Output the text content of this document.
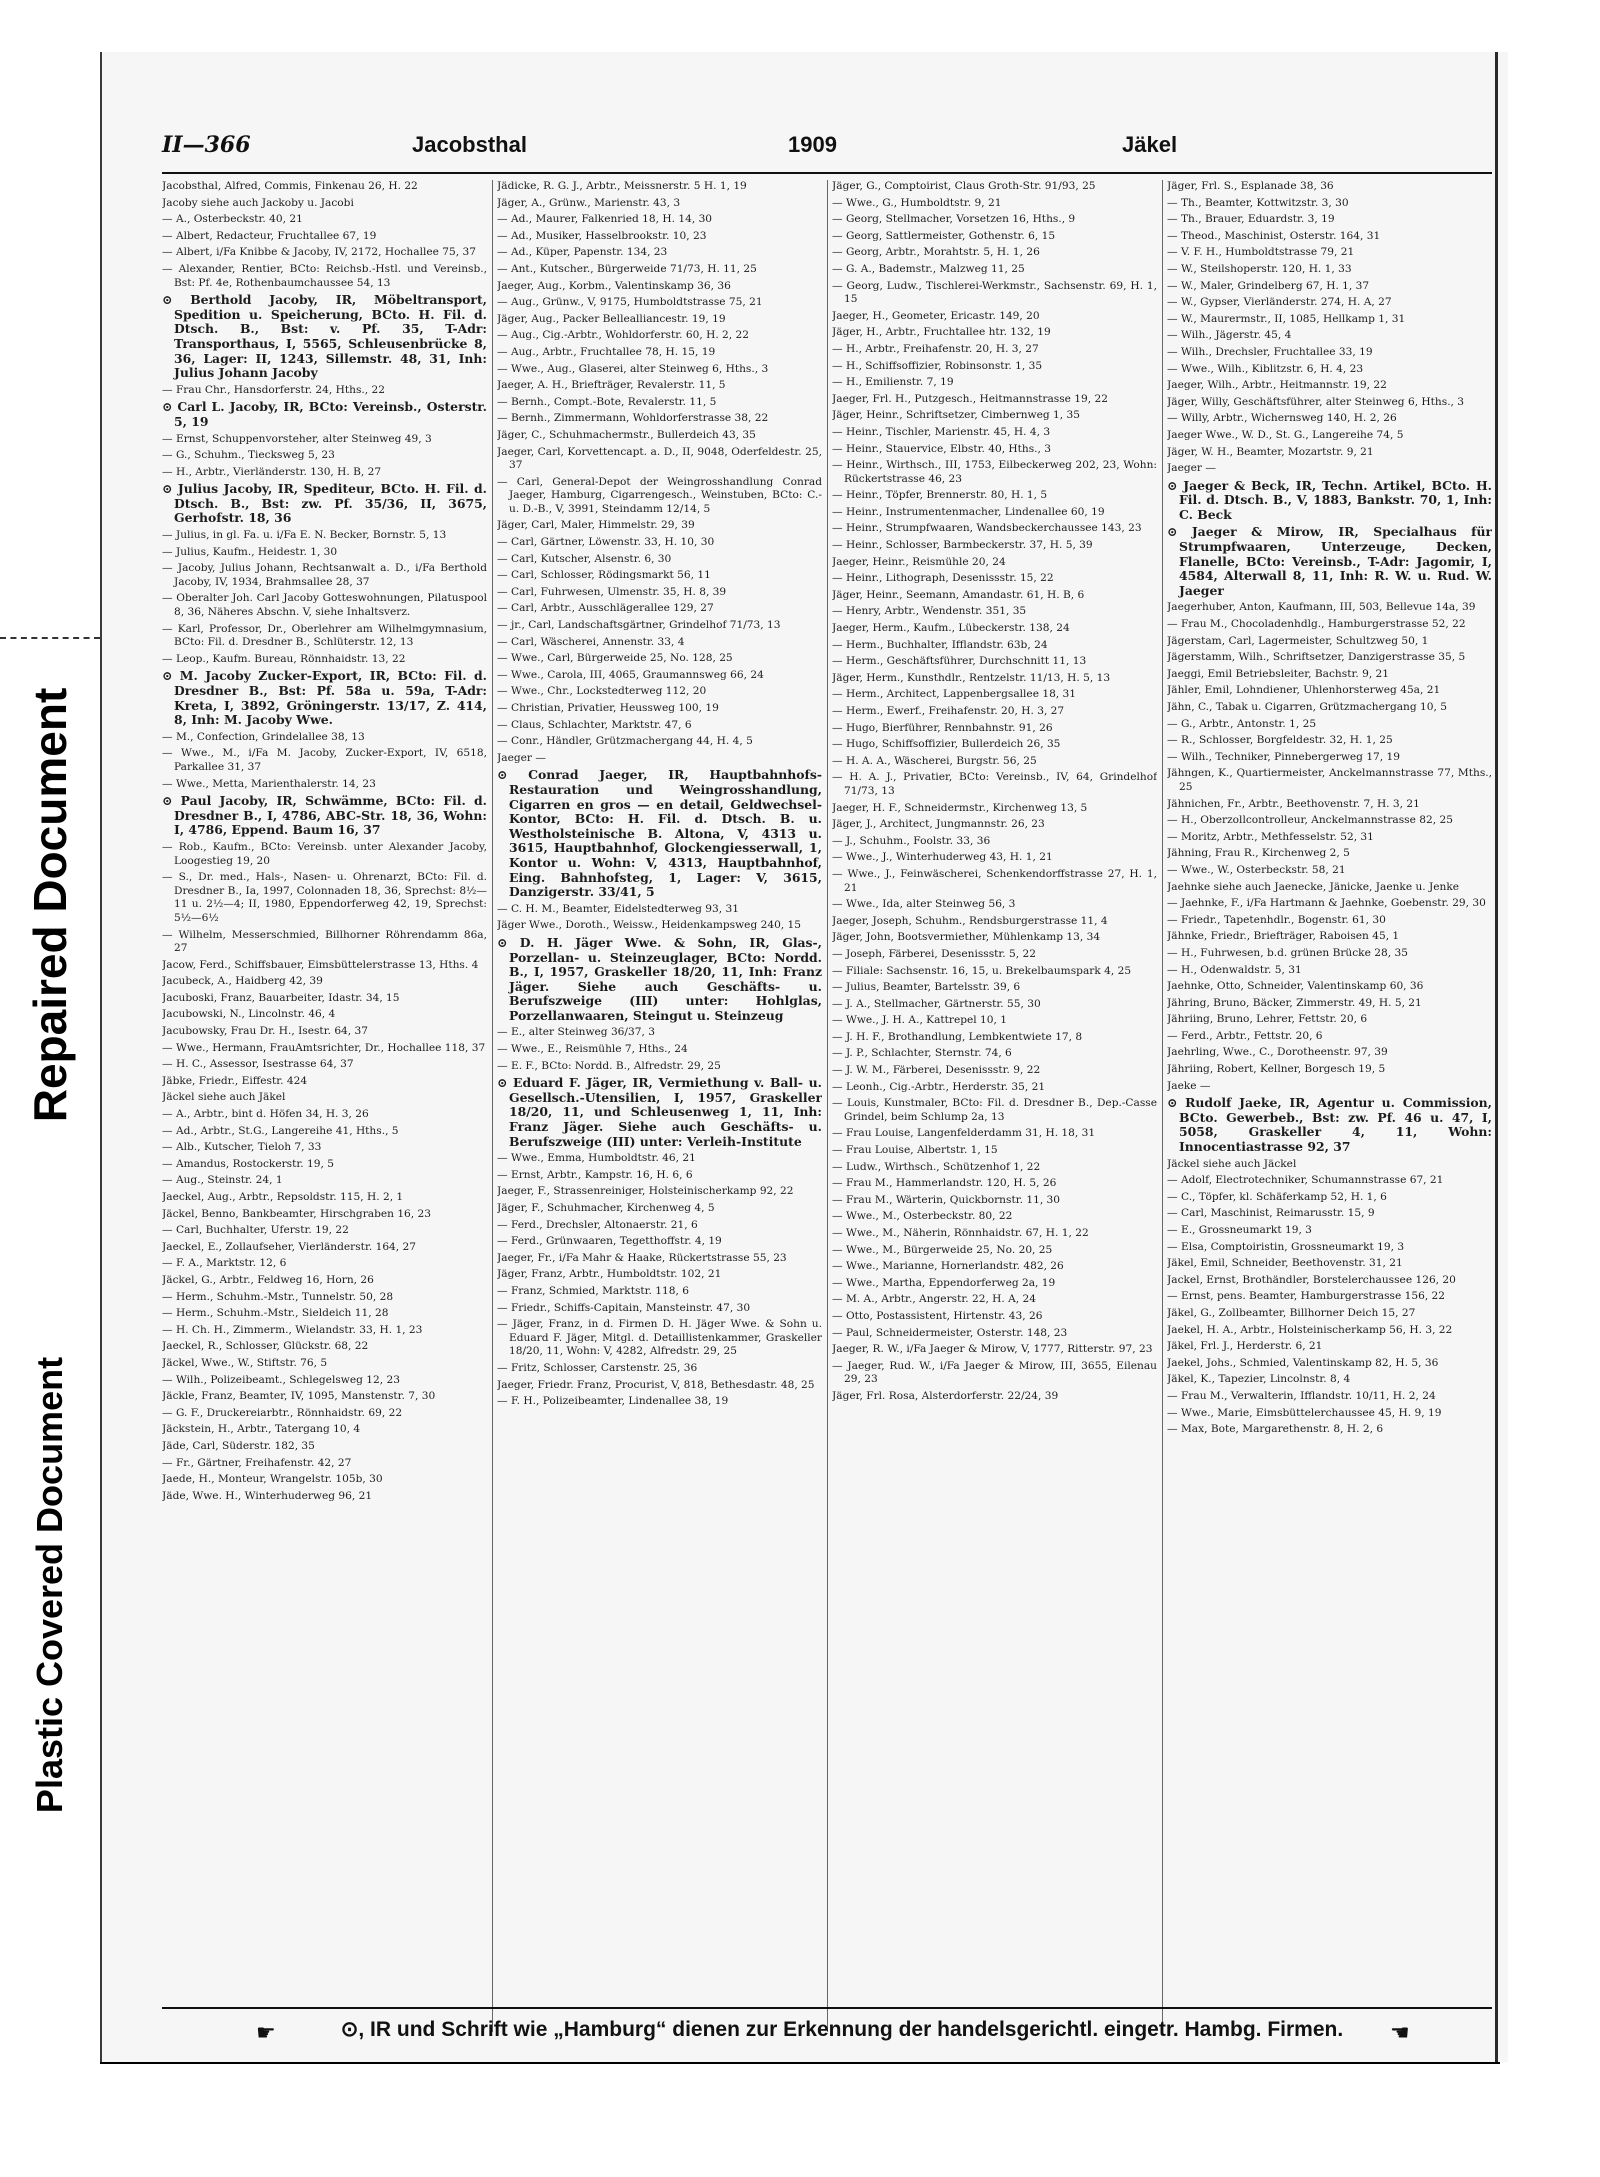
Repaired Document
Plastic Covered Document
II—366	Jacobsthal	1909	Jäkel
Jacobsthal, Alfred, Commis, Finkenau 26, H. 22
Jacoby siehe auch Jackoby u. Jacobi
— A., Osterbeckstr. 40, 21
— Albert, Redacteur, Fruchtallee 67, 19
— Albert, i/Fa Knibbe & Jacoby, IV, 2172, Hochallee 75, 37
— Alexander, Rentier, BCto: Reichsb.-Hstl. und Vereinsb., Bst: Pf. 4e, Rothenbaumchaussee 54, 13
⊙ Berthold Jacoby, IR, Möbeltransport, Spedition u. Speicherung, BCto. H. Fil. d. Dtsch. B., Bst: v. Pf. 35, T-Adr: Transporthaus, I, 5565, Schleusenbrücke 8, 36, Lager: II, 1243, Sillemstr. 48, 31, Inh: Julius Johann Jacoby
— Frau Chr., Hansdorferstr. 24, Hths., 22
⊙ Carl L. Jacoby, IR, BCto: Vereinsb., Osterstr. 5, 19
— Ernst, Schuppenvorsteher, alter Steinweg 49, 3
— G., Schuhm., Tiecksweg 5, 23
— H., Arbtr., Vierländerstr. 130, H. B, 27
⊙ Julius Jacoby, IR, Spediteur, BCto. H. Fil. d. Dtsch. B., Bst: zw. Pf. 35/36, II, 3675, Gerhofstr. 18, 36
— Julius, in gl. Fa. u. i/Fa E. N. Becker, Bornstr. 5, 13
— Julius, Kaufm., Heidestr. 1, 30
— Jacoby, Julius Johann, Rechtsanwalt a. D., i/Fa Berthold Jacoby, IV, 1934, Brahmsallee 28, 37
— Oberalter Joh. Carl Jacoby Gotteswohnungen, Pilatuspool 8, 36, Näheres Abschn. V, siehe Inhaltsverz.
— Karl, Professor, Dr., Oberlehrer am Wilhelmgymnasium, BCto: Fil. d. Dresdner B., Schlüterstr. 12, 13
— Leop., Kaufm. Bureau, Rönnhaidstr. 13, 22
⊙ M. Jacoby Zucker-Export, IR, BCto: Fil. d. Dresdner B., Bst: Pf. 58a u. 59a, T-Adr: Kreta, I, 3892, Gröningerstr. 13/17, Z. 414, 8, Inh: M. Jacoby Wwe.
— M., Confection, Grindelallee 38, 13
— Wwe., M., i/Fa M. Jacoby, Zucker-Export, IV, 6518, Parkallee 31, 37
— Wwe., Metta, Marienthalerstr. 14, 23
⊙ Paul Jacoby, IR, Schwämme, BCto: Fil. d. Dresdner B., I, 4786, ABC-Str. 18, 36, Wohn: I, 4786, Eppend. Baum 16, 37
— Rob., Kaufm., BCto: Vereinsb. unter Alexander Jacoby, Loogestieg 19, 20
— S., Dr. med., Hals-, Nasen- u. Ohrenarzt, BCto: Fil. d. Dresdner B., Ia, 1997, Colonnaden 18, 36, Sprechst: 8½—11 u. 2½—4; II, 1980, Eppendorferweg 42, 19, Sprechst: 5½—6½
— Wilhelm, Messerschmied, Billhorner Röhrendamm 86a, 27
Jacow, Ferd., Schiffsbauer, Eimsbüttelerstrasse 13, Hths. 4
Jacubeck, A., Haidberg 42, 39
Jacuboski, Franz, Bauarbeiter, Idastr. 34, 15
Jacubowski, N., Lincolnstr. 46, 4
Jacubowsky, Frau Dr. H., Isestr. 64, 37
— Wwe., Hermann, FrauAmtsrichter, Dr., Hochallee 118, 37
— H. C., Assessor, Isestrasse 64, 37
Jäbke, Friedr., Eiffestr. 424
Jäckel siehe auch Jäkel
— A., Arbtr., bint d. Höfen 34, H. 3, 26
— Ad., Arbtr., St.G., Langereihe 41, Hths., 5
— Alb., Kutscher, Tieloh 7, 33
— Amandus, Rostockerstr. 19, 5
— Aug., Steinstr. 24, 1
Jaeckel, Aug., Arbtr., Repsoldstr. 115, H. 2, 1
Jäckel, Benno, Bankbeamter, Hirschgraben 16, 23
— Carl, Buchhalter, Uferstr. 19, 22
Jaeckel, E., Zollaufseher, Vierländerstr. 164, 27
— F. A., Marktstr. 12, 6
Jäckel, G., Arbtr., Feldweg 16, Horn, 26
— Herm., Schuhm.-Mstr., Tunnelstr. 50, 28
— Herm., Schuhm.-Mstr., Sieldeich 11, 28
— H. Ch. H., Zimmerm., Wielandstr. 33, H. 1, 23
Jaeckel, R., Schlosser, Glückstr. 68, 22
Jäckel, Wwe., W., Stiftstr. 76, 5
— Wilh., Polizeibeamt., Schlegelsweg 12, 23
Jäckle, Franz, Beamter, IV, 1095, Manstenstr. 7, 30
— G. F., Druckereiarbtr., Rönnhaidstr. 69, 22
Jäckstein, H., Arbtr., Tatergang 10, 4
Jäde, Carl, Süderstr. 182, 35
— Fr., Gärtner, Freihafenstr. 42, 27
Jaede, H., Monteur, Wrangelstr. 105b, 30
Jäde, Wwe. H., Winterhuderweg 96, 21
Jädicke, R. G. J., Arbtr., Meissnerstr. 5 H. 1, 19
Jäger, A., Grünw., Marienstr. 43, 3
— Ad., Maurer, Falkenried 18, H. 14, 30
— Ad., Musiker, Hasselbrookstr. 10, 23
— Ad., Küper, Papenstr. 134, 23
— Ant., Kutscher., Bürgerweide 71/73, H. 11, 25
Jaeger, Aug., Korbm., Valentinskamp 36, 36
— Aug., Grünw., V, 9175, Humboldtstrasse 75, 21
Jäger, Aug., Packer Bellealliancestr. 19, 19
— Aug., Cig.-Arbtr., Wohldorferstr. 60, H. 2, 22
— Aug., Arbtr., Fruchtallee 78, H. 15, 19
— Wwe., Aug., Glaserei, alter Steinweg 6, Hths., 3
Jaeger, A. H., Briefträger, Revalerstr. 11, 5
— Bernh., Compt.-Bote, Revalerstr. 11, 5
— Bernh., Zimmermann, Wohldorferstrasse 38, 22
Jäger, C., Schuhmachermstr., Bullerdeich 43, 35
Jaeger, Carl, Korvettencapt. a. D., II, 9048, Oderfeldestr. 25, 37
— Carl, General-Depot der Weingrosshandlung Conrad Jaeger, Hamburg, Cigarrengesch., Weinstuben, BCto: C.- u. D.-B., V, 3991, Steindamm 12/14, 5
Jäger, Carl, Maler, Himmelstr. 29, 39
— Carl, Gärtner, Löwenstr. 33, H. 10, 30
— Carl, Kutscher, Alsenstr. 6, 30
— Carl, Schlosser, Rödingsmarkt 56, 11
— Carl, Fuhrwesen, Ulmenstr. 35, H. 8, 39
— Carl, Arbtr., Ausschlägerallee 129, 27
— jr., Carl, Landschaftsgärtner, Grindelhof 71/73, 13
— Carl, Wäscherei, Annenstr. 33, 4
— Wwe., Carl, Bürgerweide 25, No. 128, 25
— Wwe., Carola, III, 4065, Graumannsweg 66, 24
— Wwe., Chr., Lockstedterweg 112, 20
— Christian, Privatier, Heussweg 100, 19
— Claus, Schlachter, Marktstr. 47, 6
— Conr., Händler, Grützmachergang 44, H. 4, 5
Jaeger —
⊙ Conrad Jaeger, IR, Hauptbahnhofs-Restauration und Weingrosshandlung, Cigarren en gros — en detail, Geldwechsel-Kontor, BCto: H. Fil. d. Dtsch. B. u. Westholsteinische B. Altona, V, 4313 u. 3615, Hauptbahnhof, Glockengiesserwall, 1, Kontor u. Wohn: V, 4313, Hauptbahnhof, Eing. Bahnhofsteg, 1, Lager: V, 3615, Danzigerstr. 33/41, 5
— C. H. M., Beamter, Eidelstedterweg 93, 31
Jäger Wwe., Doroth., Weissw., Heidenkampsweg 240, 15
⊙ D. H. Jäger Wwe. & Sohn, IR, Glas-, Porzellan- u. Steinzeuglager, BCto: Nordd. B., I, 1957, Graskeller 18/20, 11, Inh: Franz Jäger. Siehe auch Geschäfts- u. Berufszweige (III) unter: Hohlglas, Porzellanwaaren, Steingut u. Steinzeug
— E., alter Steinweg 36/37, 3
— Wwe., E., Reismühle 7, Hths., 24
— E. F., BCto: Nordd. B., Alfredstr. 29, 25
⊙ Eduard F. Jäger, IR, Vermiethung v. Ball- u. Gesellsch.-Utensilien, I, 1957, Graskeller 18/20, 11, und Schleusenweg 1, 11, Inh: Franz Jäger. Siehe auch Geschäfts- u. Berufszweige (III) unter: Verleih-Institute
— Wwe., Emma, Humboldtstr. 46, 21
— Ernst, Arbtr., Kampstr. 16, H. 6, 6
Jaeger, F., Strassenreiniger, Holsteinischerkamp 92, 22
Jäger, F., Schuhmacher, Kirchenweg 4, 5
— Ferd., Drechsler, Altonaerstr. 21, 6
— Ferd., Grünwaaren, Tegetthoffstr. 4, 19
Jaeger, Fr., i/Fa Mahr & Haake, Rückertstrasse 55, 23
Jäger, Franz, Arbtr., Humboldtstr. 102, 21
— Franz, Schmied, Marktstr. 118, 6
— Friedr., Schiffs-Capitain, Mansteinstr. 47, 30
— Jäger, Franz, in d. Firmen D. H. Jäger Wwe. & Sohn u. Eduard F. Jäger, Mitgl. d. Detaillistenkammer, Graskeller 18/20, 11, Wohn: V, 4282, Alfredstr. 29, 25
— Fritz, Schlosser, Carstenstr. 25, 36
Jaeger, Friedr. Franz, Procurist, V, 818, Bethesdastr. 48, 25
— F. H., Polizeibeamter, Lindenallee 38, 19
Jäger, G., Comptoirist, Claus Groth-Str. 91/93, 25
— Wwe., G., Humboldtstr. 9, 21
— Georg, Stellmacher, Vorsetzen 16, Hths., 9
— Georg, Sattlermeister, Gothenstr. 6, 15
— Georg, Arbtr., Morahtstr. 5, H. 1, 26
— G. A., Bademstr., Malzweg 11, 25
— Georg, Ludw., Tischlerei-Werkmstr., Sachsenstr. 69, H. 1, 15
Jaeger, H., Geometer, Ericastr. 149, 20
Jäger, H., Arbtr., Fruchtallee htr. 132, 19
— H., Arbtr., Freihafenstr. 20, H. 3, 27
— H., Schiffsoffizier, Robinsonstr. 1, 35
— H., Emilienstr. 7, 19
Jaeger, Frl. H., Putzgesch., Heitmannstrasse 19, 22
Jäger, Heinr., Schriftsetzer, Cimbernweg 1, 35
— Heinr., Tischler, Marienstr. 45, H. 4, 3
— Heinr., Stauervice, Elbstr. 40, Hths., 3
— Heinr., Wirthsch., III, 1753, Eilbeckerweg 202, 23, Wohn: Rückertstrasse 46, 23
— Heinr., Töpfer, Brennerstr. 80, H. 1, 5
— Heinr., Instrumentenmacher, Lindenallee 60, 19
— Heinr., Strumpfwaaren, Wandsbeckerchaussee 143, 23
— Heinr., Schlosser, Barmbeckerstr. 37, H. 5, 39
Jaeger, Heinr., Reismühle 20, 24
— Heinr., Lithograph, Desenissstr. 15, 22
Jäger, Heinr., Seemann, Amandastr. 61, H. B, 6
— Henry, Arbtr., Wendenstr. 351, 35
Jaeger, Herm., Kaufm., Lübeckerstr. 138, 24
— Herm., Buchhalter, Ifflandstr. 63b, 24
— Herm., Geschäftsführer, Durchschnitt 11, 13
Jäger, Herm., Kunsthdlr., Rentzelstr. 11/13, H. 5, 13
— Herm., Architect, Lappenbergsallee 18, 31
— Herm., Ewerf., Freihafenstr. 20, H. 3, 27
— Hugo, Bierführer, Rennbahnstr. 91, 26
— Hugo, Schiffsoffizier, Bullerdeich 26, 35
— H. A. A., Wäscherei, Burgstr. 56, 25
— H. A. J., Privatier, BCto: Vereinsb., IV, 64, Grindelhof 71/73, 13
Jaeger, H. F., Schneidermstr., Kirchenweg 13, 5
Jäger, J., Architect, Jungmannstr. 26, 23
— J., Schuhm., Foolstr. 33, 36
— Wwe., J., Winterhuderweg 43, H. 1, 21
— Wwe., J., Feinwäscherei, Schenkendorffstrasse 27, H. 1, 21
— Wwe., Ida, alter Steinweg 56, 3
Jaeger, Joseph, Schuhm., Rendsburgerstrasse 11, 4
Jäger, John, Bootsvermiether, Mühlenkamp 13, 34
— Joseph, Färberei, Desenissstr. 5, 22
— Filiale: Sachsenstr. 16, 15, u. Brekelbaumspark 4, 25
— Julius, Beamter, Bartelsstr. 39, 6
— J. A., Stellmacher, Gärtnerstr. 55, 30
— Wwe., J. H. A., Kattrepel 10, 1
— J. H. F., Brothandlung, Lembkentwiete 17, 8
— J. P., Schlachter, Sternstr. 74, 6
— J. W. M., Färberei, Desenissstr. 9, 22
— Leonh., Cig.-Arbtr., Herderstr. 35, 21
— Louis, Kunstmaler, BCto: Fil. d. Dresdner B., Dep.-Casse Grindel, beim Schlump 2a, 13
— Frau Louise, Langenfelderdamm 31, H. 18, 31
— Frau Louise, Albertstr. 1, 15
— Ludw., Wirthsch., Schützenhof 1, 22
— Frau M., Hammerlandstr. 120, H. 5, 26
— Frau M., Wärterin, Quickbornstr. 11, 30
— Wwe., M., Osterbeckstr. 80, 22
— Wwe., M., Näherin, Rönnhaidstr. 67, H. 1, 22
— Wwe., M., Bürgerweide 25, No. 20, 25
— Wwe., Marianne, Hornerlandstr. 482, 26
— Wwe., Martha, Eppendorferweg 2a, 19
— M. A., Arbtr., Angerstr. 22, H. A, 24
— Otto, Postassistent, Hirtenstr. 43, 26
— Paul, Schneidermeister, Osterstr. 148, 23
Jaeger, R. W., i/Fa Jaeger & Mirow, V, 1777, Ritterstr. 97, 23
— Jaeger, Rud. W., i/Fa Jaeger & Mirow, III, 3655, Eilenau 29, 23
Jäger, Frl. Rosa, Alsterdorferstr. 22/24, 39
Jäger, Frl. S., Esplanade 38, 36
— Th., Beamter, Kottwitzstr. 3, 30
— Th., Brauer, Eduardstr. 3, 19
— Theod., Maschinist, Osterstr. 164, 31
— V. F. H., Humboldtstrasse 79, 21
— W., Steilshoperstr. 120, H. 1, 33
— W., Maler, Grindelberg 67, H. 1, 37
— W., Gypser, Vierländerstr. 274, H. A, 27
— W., Maurermstr., II, 1085, Hellkamp 1, 31
— Wilh., Jägerstr. 45, 4
— Wilh., Drechsler, Fruchtallee 33, 19
— Wwe., Wilh., Kiblitzstr. 6, H. 4, 23
Jaeger, Wilh., Arbtr., Heitmannstr. 19, 22
Jäger, Willy, Geschäftsführer, alter Steinweg 6, Hths., 3
— Willy, Arbtr., Wichernsweg 140, H. 2, 26
Jaeger Wwe., W. D., St. G., Langereihe 74, 5
Jäger, W. H., Beamter, Mozartstr. 9, 21
Jaeger —
⊙ Jaeger & Beck, IR, Techn. Artikel, BCto. H. Fil. d. Dtsch. B., V, 1883, Bankstr. 70, 1, Inh: C. Beck
⊙ Jaeger & Mirow, IR, Specialhaus für Strumpfwaaren, Unterzeuge, Decken, Flanelle, BCto: Vereinsb., T-Adr: Jagomir, I, 4584, Alterwall 8, 11, Inh: R. W. u. Rud. W. Jaeger
Jaegerhuber, Anton, Kaufmann, III, 503, Bellevue 14a, 39
— Frau M., Chocoladenhdlg., Hamburgerstrasse 52, 22
Jägerstam, Carl, Lagermeister, Schultzweg 50, 1
Jägerstamm, Wilh., Schriftsetzer, Danzigerstrasse 35, 5
Jaeggi, Emil Betriebsleiter, Bachstr. 9, 21
Jähler, Emil, Lohndiener, Uhlenhorsterweg 45a, 21
Jähn, C., Tabak u. Cigarren, Grützmachergang 10, 5
— G., Arbtr., Antonstr. 1, 25
— R., Schlosser, Borgfeldestr. 32, H. 1, 25
— Wilh., Techniker, Pinnebergerweg 17, 19
Jähngen, K., Quartiermeister, Anckelmannstrasse 77, Mths., 25
Jähnichen, Fr., Arbtr., Beethovenstr. 7, H. 3, 21
— H., Oberzollcontrolleur, Anckelmannstrasse 82, 25
— Moritz, Arbtr., Methfesselstr. 52, 31
Jähning, Frau R., Kirchenweg 2, 5
— Wwe., W., Osterbeckstr. 58, 21
Jaehnke siehe auch Jaenecke, Jänicke, Jaenke u. Jenke
— Jaehnke, F., i/Fa Hartmann & Jaehnke, Goebenstr. 29, 30
— Friedr., Tapetenhdlr., Bogenstr. 61, 30
Jähnke, Friedr., Briefträger, Raboisen 45, 1
— H., Fuhrwesen, b.d. grünen Brücke 28, 35
— H., Odenwaldstr. 5, 31
Jaehnke, Otto, Schneider, Valentinskamp 60, 36
Jähring, Bruno, Bäcker, Zimmerstr. 49, H. 5, 21
Jähriing, Bruno, Lehrer, Fettstr. 20, 6
— Ferd., Arbtr., Fettstr. 20, 6
Jaehrling, Wwe., C., Dorotheenstr. 97, 39
Jähriing, Robert, Kellner, Borgesch 19, 5
Jaeke —
⊙ Rudolf Jaeke, IR, Agentur u. Commission, BCto. Gewerbeb., Bst: zw. Pf. 46 u. 47, I, 5058, Graskeller 4, 11, Wohn: Innocentiastrasse 92, 37
Jäckel siehe auch Jäckel
— Adolf, Electrotechniker, Schumannstrasse 67, 21
— C., Töpfer, kl. Schäferkamp 52, H. 1, 6
— Carl, Maschinist, Reimarusstr. 15, 9
— E., Grossneumarkt 19, 3
— Elsa, Comptoiristin, Grossneumarkt 19, 3
Jäkel, Emil, Schneider, Beethovenstr. 31, 21
Jackel, Ernst, Brothändler, Borstelerchaussee 126, 20
— Ernst, pens. Beamter, Hamburgerstrasse 156, 22
Jäkel, G., Zollbeamter, Billhorner Deich 15, 27
Jaekel, H. A., Arbtr., Holsteinischerkamp 56, H. 3, 22
Jäkel, Frl. J., Herderstr. 6, 21
Jaekel, Johs., Schmied, Valentinskamp 82, H. 5, 36
Jäkel, K., Tapezier, Lincolnstr. 8, 4
— Frau M., Verwalterin, Ifflandstr. 10/11, H. 2, 24
— Wwe., Marie, Eimsbüttelerchaussee 45, H. 9, 19
— Max, Bote, Margarethenstr. 8, H. 2, 6
☛	⊙, IR und Schrift wie „Hamburg“ dienen zur Erkennung der handelsgerichtl. eingetr. Hambg. Firmen.	☚
